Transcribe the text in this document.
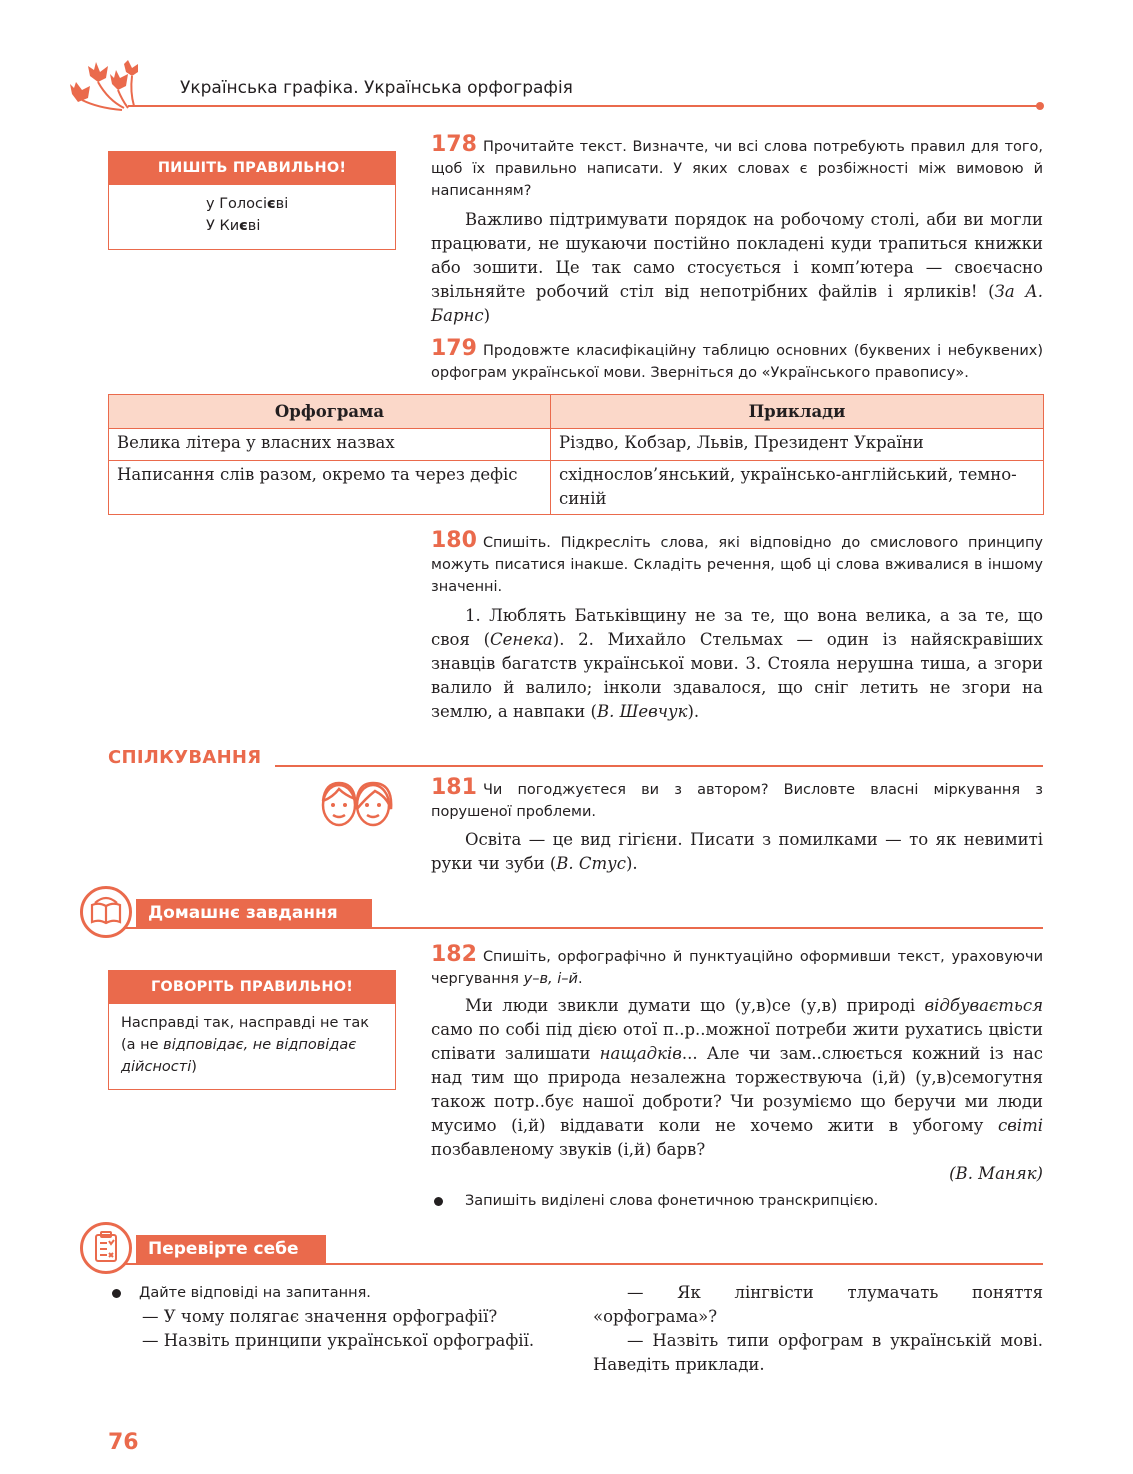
Українська графіка. Українська орфографія
ПИШІТЬ ПРАВИЛЬНО!
у Голосієві
У Києві
178 Прочитайте текст. Визначте, чи всі слова потребують правил для того, щоб їх правильно написати. У яких словах є розбіжності між вимовою й написанням?
Важливо підтримувати порядок на робочому столі, аби ви могли працювати, не шукаючи постійно покладені куди трапиться книжки або зошити. Це так само стосується і комп’ютера — своєчасно звільняйте робочий стіл від непотрібних файлів і ярликів! (За А. Барнс)
179 Продовжте класифікаційну таблицю основних (буквених і небуквених) орфограм української мови. Зверніться до «Українського правопису».
Орфограма	Приклади
Велика літера у власних назвах	Різдво, Кобзар, Львів, Президент України
Написання слів разом, окремо та через дефіс	східнослов’янський, українсько-англійський, темно-синій
180 Спишіть. Підкресліть слова, які відповідно до смислового принципу можуть писатися інакше. Складіть речення, щоб ці слова вживалися в іншому значенні.
1. Люблять Батьківщину не за те, що вона велика, а за те, що своя (Сенека). 2. Михайло Стельмах — один із найяскравіших знавців багатств української мови. 3. Стояла нерушна тиша, а згори валило й валило; інколи здавалося, що сніг летить не згори на землю, а навпаки (В. Шевчук).
СПІЛКУВАННЯ
181 Чи погоджуєтеся ви з автором? Висловте власні міркування з порушеної проблеми.
Освіта — це вид гігієни. Писати з помилками — то як невимиті руки чи зуби (В. Стус).
Домашнє завдання
ГОВОРІТЬ ПРАВИЛЬНО!
Насправді так, насправді не так (а не відповідає, не відповідає дійсності)
182 Спишіть, орфографічно й пунктуаційно оформивши текст, ураховуючи чергування у–в, і–й.
Ми люди звикли думати що (у,в)се (у,в) природі відбувається само по собі під дією отої п..р..можної потреби жити рухатись цвісти співати залишати нащадків... Але чи зам..слюється кожний із нас над тим що природа незалежна торжествуюча (і,й) (у,в)семогутня також потр..бує нашої доброти? Чи розуміємо що беручи ми люди мусимо (і,й) віддавати коли не хочемо жити в убогому світі позбавленому звуків (і,й) барв?
(В. Маняк)
Запишіть виділені слова фонетичною транскрипцією.
Перевірте себе
Дайте відповіді на запитання.
— У чому полягає значення орфографії?
— Назвіть принципи української орфографії.
— Як лінгвісти тлумачать поняття «орфограма»?
— Назвіть типи орфограм в українській мові. Наведіть приклади.
76
